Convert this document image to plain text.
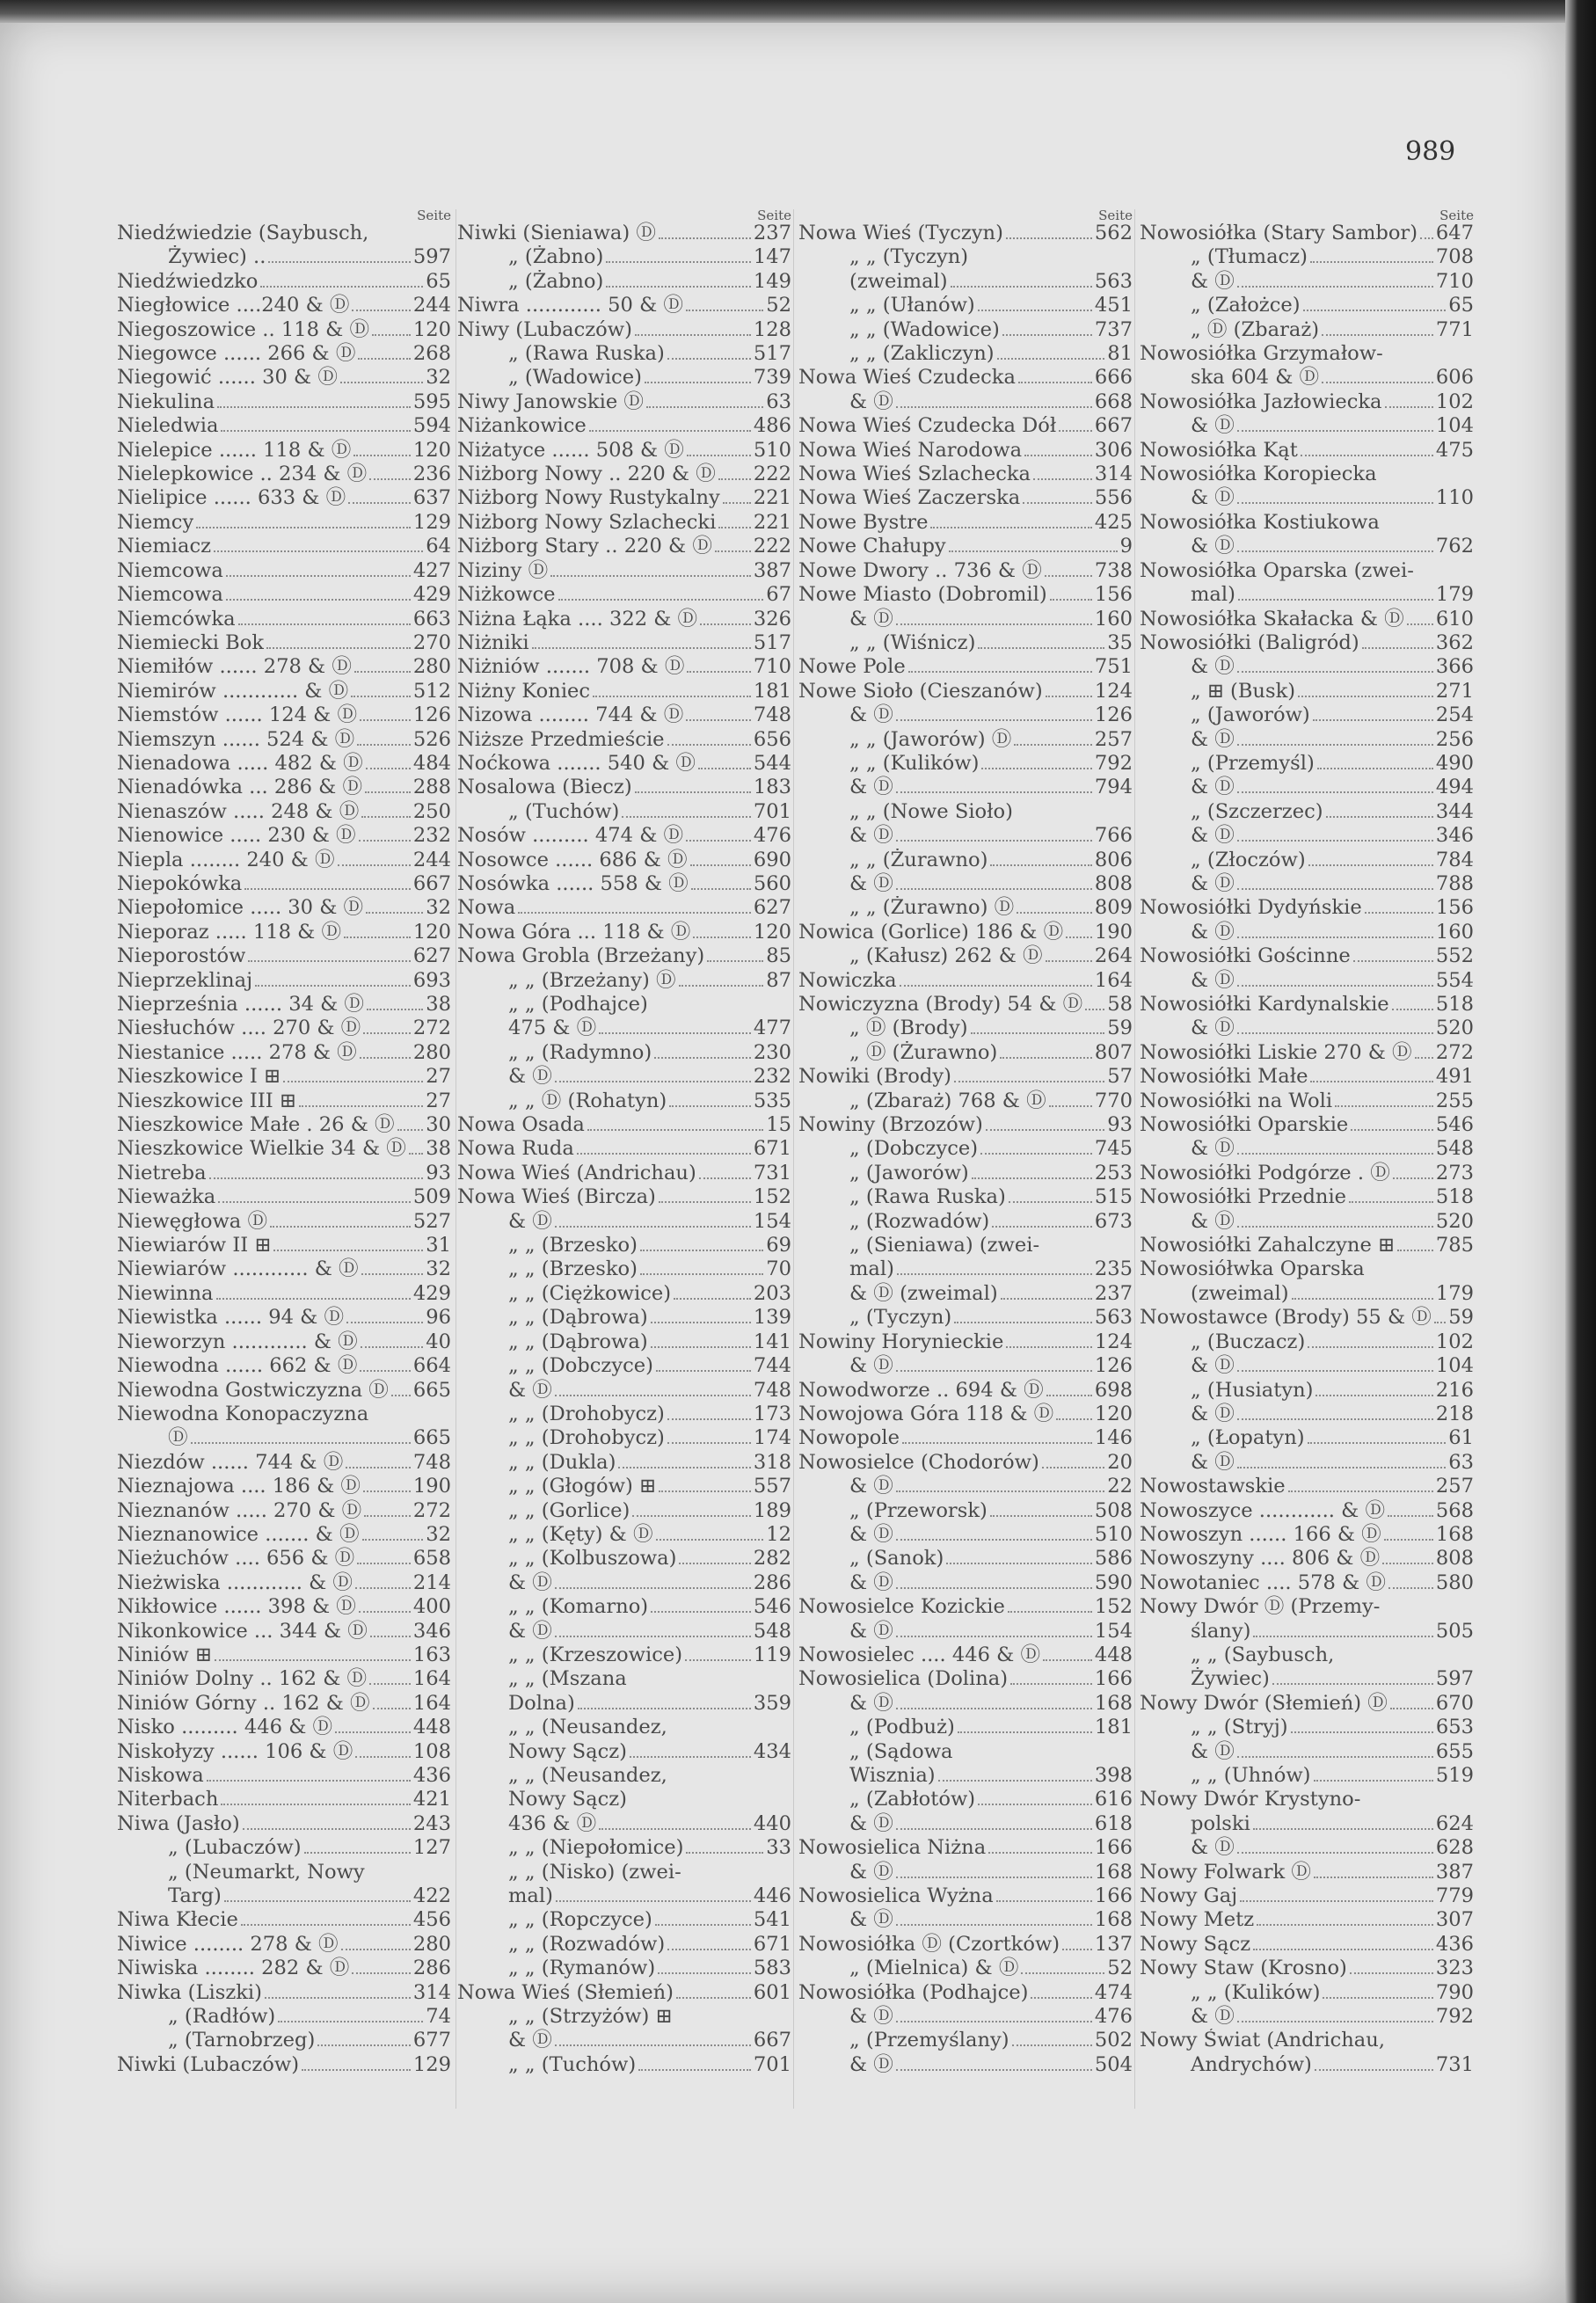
989
Seite
Niedźwiedzie (Saybusch,
Żywiec) ..	597
Niedźwiedzko	65
Niegłowice ....240 & Ⓓ	244
Niegoszowice .. 118 & Ⓓ 120
Niegowce ...... 266 & Ⓓ	268
Niegowić ...... 30 & Ⓓ	32
Niekulina	595
Nieledwia	594
Nielepice ...... 118 & Ⓓ	120
Nielepkowice .. 234 & Ⓓ 236
Nielipice ...... 633 & Ⓓ	637
Niemcy	129
Niemiacz	64
Niemcowa	427
Niemcowa	429
Niemcówka	663
Niemiecki Bok	270
Niemiłów ...... 278 & Ⓓ	280
Niemirów ............ & Ⓓ	512
Niemstów ...... 124 & Ⓓ	126
Niemszyn ...... 524 & Ⓓ	526
Nienadowa ..... 482 & Ⓓ	484
Nienadówka ... 286 & Ⓓ	288
Nienaszów ..... 248 & Ⓓ	250
Nienowice ..... 230 & Ⓓ	232
Niepla ........ 240 & Ⓓ	244
Niepokówka	667
Niepołomice ..... 30 & Ⓓ	32
Nieporaz ..... 118 & Ⓓ	120
Nieporostów	627
Nieprzeklinaj	693
Nieprześnia ...... 34 & Ⓓ	38
Niesłuchów .... 270 & Ⓓ	272
Niestanice ..... 278 & Ⓓ	280
Nieszkowice I ⊞	27
Nieszkowice III ⊞	27
Nieszkowice Małe . 26 & Ⓓ 30
Nieszkowice Wielkie 34 & Ⓓ 38
Nietreba	93
Nieważka	509
Niewęgłowa Ⓓ	527
Niewiarów II ⊞	31
Niewiarów ............ & Ⓓ	32
Niewinna	429
Niewistka ...... 94 & Ⓓ	96
Nieworzyn ............ & Ⓓ	40
Niewodna ...... 662 & Ⓓ	664
Niewodna Gostwiczyzna Ⓓ 665
Niewodna Konopaczyzna
Ⓓ	665
Niezdów ...... 744 & Ⓓ	748
Nieznajowa .... 186 & Ⓓ	190
Nieznanów ..... 270 & Ⓓ	272
Nieznanowice ....... & Ⓓ	32
Nieżuchów .... 656 & Ⓓ	658
Nieżwiska ............ & Ⓓ	214
Nikłowice ...... 398 & Ⓓ	400
Nikonkowice ... 344 & Ⓓ 346
Niniów ⊞	163
Niniów Dolny .. 162 & Ⓓ 164
Niniów Górny .. 162 & Ⓓ 164
Nisko ......... 446 & Ⓓ	448
Niskołyzy ...... 106 & Ⓓ	108
Niskowa	436
Niterbach	421
Niwa (Jasło)	243
„ (Lubaczów)	127
„ (Neumarkt, Nowy
Targ)	422
Niwa Kłecie	456
Niwice ........ 278 & Ⓓ	280
Niwiska ........ 282 & Ⓓ	286
Niwka (Liszki)	314
„ (Radłów)	74
„ (Tarnobrzeg)	677
Niwki (Lubaczów)	129
Seite
Niwki (Sieniawa) Ⓓ	237
„ (Żabno)	147
„ (Żabno)	149
Niwra ............ 50 & Ⓓ	52
Niwy (Lubaczów)	128
„ (Rawa Ruska)	517
„ (Wadowice)	739
Niwy Janowskie Ⓓ	63
Niżankowice	486
Niżatyce ...... 508 & Ⓓ	510
Niżborg Nowy .. 220 & Ⓓ 222
Niżborg Nowy Rustykalny 221
Niżborg Nowy Szlachecki 221
Niżborg Stary .. 220 & Ⓓ 222
Niziny Ⓓ	387
Niżkowce	67
Niżna Łąka .... 322 & Ⓓ	326
Niżniki	517
Niżniów ....... 708 & Ⓓ	710
Niżny Koniec	181
Nizowa ........ 744 & Ⓓ	748
Niższe Przedmieście	656
Noćkowa ....... 540 & Ⓓ	544
Nosalowa (Biecz)	183
„ (Tuchów)	701
Nosów ......... 474 & Ⓓ	476
Nosowce ...... 686 & Ⓓ	690
Nosówka ...... 558 & Ⓓ	560
Nowa	627
Nowa Góra ... 118 & Ⓓ	120
Nowa Grobla (Brzeżany)	85
„ „ (Brzeżany) Ⓓ	87
„ „ (Podhajce)
475 & Ⓓ	477
„ „ (Radymno)	230
& Ⓓ	232
„ „ Ⓓ (Rohatyn)	535
Nowa Osada	15
Nowa Ruda	671
Nowa Wieś (Andrichau)	731
Nowa Wieś (Bircza)	152
& Ⓓ	154
„ „ (Brzesko)	69
„ „ (Brzesko)	70
„ „ (Ciężkowice)	203
„ „ (Dąbrowa)	139
„ „ (Dąbrowa)	141
„ „ (Dobczyce)	744
& Ⓓ	748
„ „ (Drohobycz)	173
„ „ (Drohobycz)	174
„ „ (Dukla)	318
„ „ (Głogów) ⊞	557
„ „ (Gorlice)	189
„ „ (Kęty) & Ⓓ	12
„ „ (Kolbuszowa)	282
& Ⓓ	286
„ „ (Komarno)	546
& Ⓓ	548
„ „ (Krzeszowice)	119
„ „ (Mszana
Dolna)	359
„ „ (Neusandez,
Nowy Sącz)	434
„ „ (Neusandez,
Nowy Sącz)
436 & Ⓓ	440
„ „ (Niepołomice)	33
„ „ (Nisko) (zwei-
mal)	446
„ „ (Ropczyce)	541
„ „ (Rozwadów)	671
„ „ (Rymanów)	583
Nowa Wieś (Słemień)	601
„ „ (Strzyżów) ⊞
& Ⓓ	667
„ „ (Tuchów)	701
Seite
Nowa Wieś (Tyczyn)	562
„ „ (Tyczyn)
(zweimal)	563
„ „ (Ułanów)	451
„ „ (Wadowice)	737
„ „ (Zakliczyn)	81
Nowa Wieś Czudecka	666
& Ⓓ	668
Nowa Wieś Czudecka Dół 667
Nowa Wieś Narodowa	306
Nowa Wieś Szlachecka	314
Nowa Wieś Zaczerska	556
Nowe Bystre	425
Nowe Chałupy	9
Nowe Dwory .. 736 & Ⓓ	738
Nowe Miasto (Dobromil) 156
& Ⓓ	160
„ „ (Wiśnicz)	35
Nowe Pole	751
Nowe Sioło (Cieszanów)	124
& Ⓓ	126
„ „ (Jaworów) Ⓓ	257
„ „ (Kulików)	792
& Ⓓ	794
„ „ (Nowe Sioło)
& Ⓓ	766
„ „ (Żurawno)	806
& Ⓓ	808
„ „ (Żurawno) Ⓓ	809
Nowica (Gorlice) 186 & Ⓓ 190
„ (Kałusz) 262 & Ⓓ	264
Nowiczka	164
Nowiczyzna (Brody) 54 & Ⓓ 58
„ Ⓓ (Brody)	59
„ Ⓓ (Żurawno)	807
Nowiki (Brody)	57
„ (Zbaraż) 768 & Ⓓ 770
Nowiny (Brzozów)	93
„ (Dobczyce)	745
„ (Jaworów)	253
„ (Rawa Ruska)	515
„ (Rozwadów)	673
„ (Sieniawa) (zwei-
mal)	235
& Ⓓ (zweimal)	237
„ (Tyczyn)	563
Nowiny Horynieckie	124
& Ⓓ	126
Nowodworze .. 694 & Ⓓ	698
Nowojowa Góra 118 & Ⓓ 120
Nowopole	146
Nowosielce (Chodorów)	20
& Ⓓ	22
„ (Przeworsk)	508
& Ⓓ	510
„ (Sanok)	586
& Ⓓ	590
Nowosielce Kozickie	152
& Ⓓ	154
Nowosielec .... 446 & Ⓓ	448
Nowosielica (Dolina)	166
& Ⓓ	168
„ (Podbuż)	181
„ (Sądowa
Wisznia)	398
„ (Zabłotów)	616
& Ⓓ	618
Nowosielica Niżna	166
& Ⓓ	168
Nowosielica Wyżna	166
& Ⓓ	168
Nowosiółka Ⓓ (Czortków) 137
„ (Mielnica) & Ⓓ	52
Nowosiółka (Podhajce)	474
& Ⓓ	476
„ (Przemyślany)	502
& Ⓓ	504
Seite
Nowosiółka (Stary Sambor) 647
„ (Tłumacz)	708
& Ⓓ	710
„ (Założce)	65
„ Ⓓ (Zbaraż)	771
Nowosiółka Grzymałow-
ska 604 & Ⓓ	606
Nowosiółka Jazłowiecka	102
& Ⓓ	104
Nowosiółka Kąt	475
Nowosiółka Koropiecka
& Ⓓ	110
Nowosiółka Kostiukowa
& Ⓓ	762
Nowosiółka Oparska (zwei-
mal)	179
Nowosiółka Skałacka & Ⓓ 610
Nowosiółki (Baligród)	362
& Ⓓ	366
„ ⊞ (Busk)	271
„ (Jaworów)	254
& Ⓓ	256
„ (Przemyśl)	490
& Ⓓ	494
„ (Szczerzec)	344
& Ⓓ	346
„ (Złoczów)	784
& Ⓓ	788
Nowosiółki Dydyńskie	156
& Ⓓ	160
Nowosiółki Gościnne	552
& Ⓓ	554
Nowosiółki Kardynalskie 518
& Ⓓ	520
Nowosiółki Liskie 270 & Ⓓ 272
Nowosiółki Małe	491
Nowosiółki na Woli	255
Nowosiółki Oparskie	546
& Ⓓ	548
Nowosiółki Podgórze . Ⓓ 273
Nowosiółki Przednie	518
& Ⓓ	520
Nowosiółki Zahalczyne ⊞ 785
Nowosiółwka Oparska
(zweimal)	179
Nowostawce (Brody) 55 & Ⓓ 59
„ (Buczacz)	102
& Ⓓ	104
„ (Husiatyn)	216
& Ⓓ	218
„ (Łopatyn)	61
& Ⓓ	63
Nowostawskie	257
Nowoszyce ............ & Ⓓ	568
Nowoszyn ...... 166 & Ⓓ	168
Nowoszyny .... 806 & Ⓓ	808
Nowotaniec .... 578 & Ⓓ	580
Nowy Dwór Ⓓ (Przemy-
ślany)	505
„ „ (Saybusch,
Żywiec)	597
Nowy Dwór (Słemień) Ⓓ 670
„ „ (Stryj)	653
& Ⓓ	655
„ „ (Uhnów)	519
Nowy Dwór Krystyno-
polski	624
& Ⓓ	628
Nowy Folwark Ⓓ	387
Nowy Gaj	779
Nowy Metz	307
Nowy Sącz	436
Nowy Staw (Krosno)	323
„ „ (Kulików)	790
& Ⓓ	792
Nowy Świat (Andrichau,
Andrychów)	731
